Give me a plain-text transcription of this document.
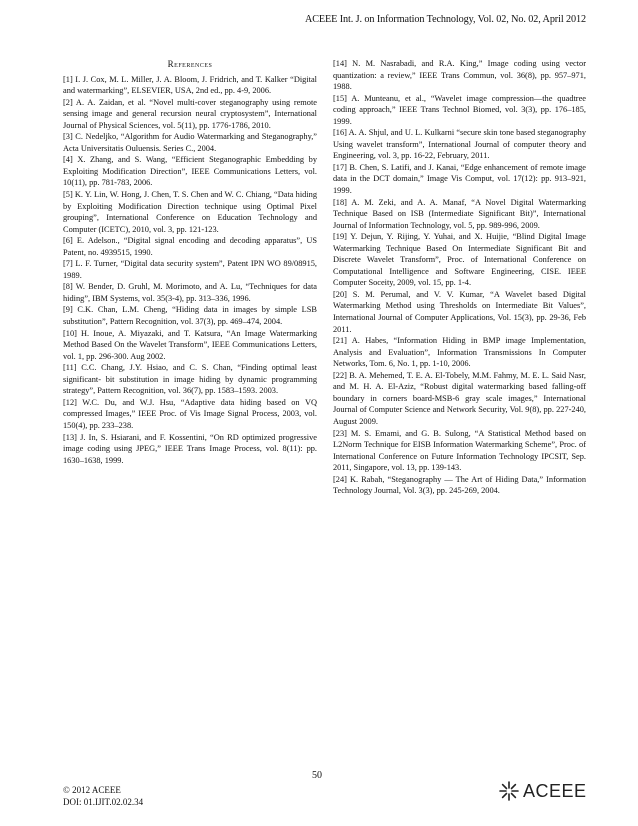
ACEEE Int. J. on Information Technology, Vol. 02, No. 02, April 2012
References

[1] I. J. Cox, M. L. Miller, J. A. Bloom, J. Fridrich, and T. Kalker “Digital and watermarking”, ELSEVIER, USA, 2nd ed., pp. 4-9, 2006.

[2] A. A. Zaidan, et al. “Novel multi-cover steganography using remote sensing image and general recursion neural cryptosystem”, International Journal of Physical Sciences, vol. 5(11), pp. 1776-1786, 2010.

[3] C. Nedeljko, “Algorithm for Audio Watermarking and Steganography,” Acta Universitatis Ouluensis. Series C., 2004.

[4] X. Zhang, and S. Wang, “Efficient Steganographic Embedding by Exploiting Modification Direction”, IEEE Communications Letters, vol. 10(11), pp. 781-783, 2006.

[5] K. Y. Lin, W. Hong, J. Chen, T. S. Chen and W. C. Chiang, “Data hiding by Exploiting Modification Direction technique using Optimal Pixel grouping”, International Conference on Education Technology and Computer (ICETC), 2010, vol. 3, pp. 121-123.

[6] E. Adelson., “Digital signal encoding and decoding apparatus”, US Patent, no. 4939515, 1990.

[7] L. F. Turner, “Digital data security system”, Patent IPN WO 89/08915, 1989.

[8] W. Bender, D. Gruhl, M. Morimoto, and A. Lu, “Techniques for data hiding”, IBM Systems, vol. 35(3-4), pp. 313–336, 1996.

[9] C.K. Chan, L.M. Cheng, “Hiding data in images by simple LSB substitution”, Pattern Recognition, vol. 37(3), pp. 469–474, 2004.

[10] H. Inoue, A. Miyazaki, and T. Katsura, “An Image Watermarking Method Based On the Wavelet Transform”, IEEE Communications Letters, vol. 1, pp. 296-300. Aug 2002.

[11] C.C. Chang, J.Y. Hsiao, and C. S. Chan, “Finding optimal least significant- bit substitution in image hiding by dynamic programming strategy”, Pattern Recognition, vol. 36(7), pp. 1583–1593. 2003.

[12] W.C. Du, and W.J. Hsu, “Adaptive data hiding based on VQ compressed Images,” IEEE Proc. of Vis Image Signal Process, 2003, vol. 150(4), pp. 233–238.

[13] J. In, S. Hsiarani, and F. Kossentini, “On RD optimized progressive image coding using JPEG,” IEEE Trans Image Process, vol. 8(11): pp. 1630–1638, 1999.

[14] N. M. Nasrabadi, and R.A. King,” Image coding using vector quantization: a review,” IEEE Trans Commun, vol. 36(8), pp. 957–971, 1988.

[15] A. Munteanu, et al., “Wavelet image compression—the quadtree coding approach,” IEEE Trans Technol Biomed, vol. 3(3), pp. 176–185, 1999.

[16] A. A. Shjul, and U. L. Kulkarni “secure skin tone based steganography Using wavelet transform”, International Journal of computer theory and Engineering, vol. 3, pp. 16-22, February, 2011.

[17] B. Chen, S. Latifi, and J. Kanai, “Edge enhancement of remote image data in the DCT domain,” Image Vis Comput, vol. 17(12): pp. 913–921, 1999.

[18] A. M. Zeki, and A. A. Manaf, “A Novel Digital Watermarking Technique Based on ISB (Intermediate Significant Bit)”, International Journal of Information Technology, vol. 5, pp. 989-996, 2009.

[19] Y. Dejun, Y. Rijing, Y. Yuhai, and X. Huijie, “Blind Digital Image Watermarking Technique Based On Intermediate Significant Bit and Discrete Wavelet Transform”, Proc. of International Conference on Computational Intelligence and Software Engineering, CISE. IEEE Computer Soceity, 2009, vol. 15, pp. 1-4.

[20] S. M. Perumal, and V. V. Kumar, “A Wavelet based Digital Watermarking Method using Thresholds on Intermediate Bit Values”, International Journal of Computer Applications, Vol. 15(3), pp. 29-36, Feb 2011.

[21] A. Habes, “Information Hiding in BMP image Implementation, Analysis and Evaluation”, Information Transmissions In Computer Networks, Tom. 6, No. 1, pp. 1-10, 2006.

[22] B. A. Mehemed, T. E. A. El-Tobely, M.M. Fahmy, M. E. L. Said Nasr, and M. H. A. El-Aziz, “Robust digital watermarking based falling-off boundary in corners board-MSB-6 gray scale images,” International Journal of Computer Science and Network Security, Vol. 9(8), pp. 227-240, August 2009.

[23] M. S. Emami, and G. B. Sulong, “A Statistical Method based on L2Norm Technique for EISB Information Watermarking Scheme”, Proc. of International Conference on Future Information Technology IPCSIT, Sep. 2011, Singapore, vol. 13, pp. 139-143.

[24] K. Rabah, “Steganography — The Art of Hiding Data,” Information Technology Journal, Vol. 3(3), pp. 245-269, 2004.

© 2012 ACEEE
DOI: 01.IJIT.02.02.34
50
ACEEE
